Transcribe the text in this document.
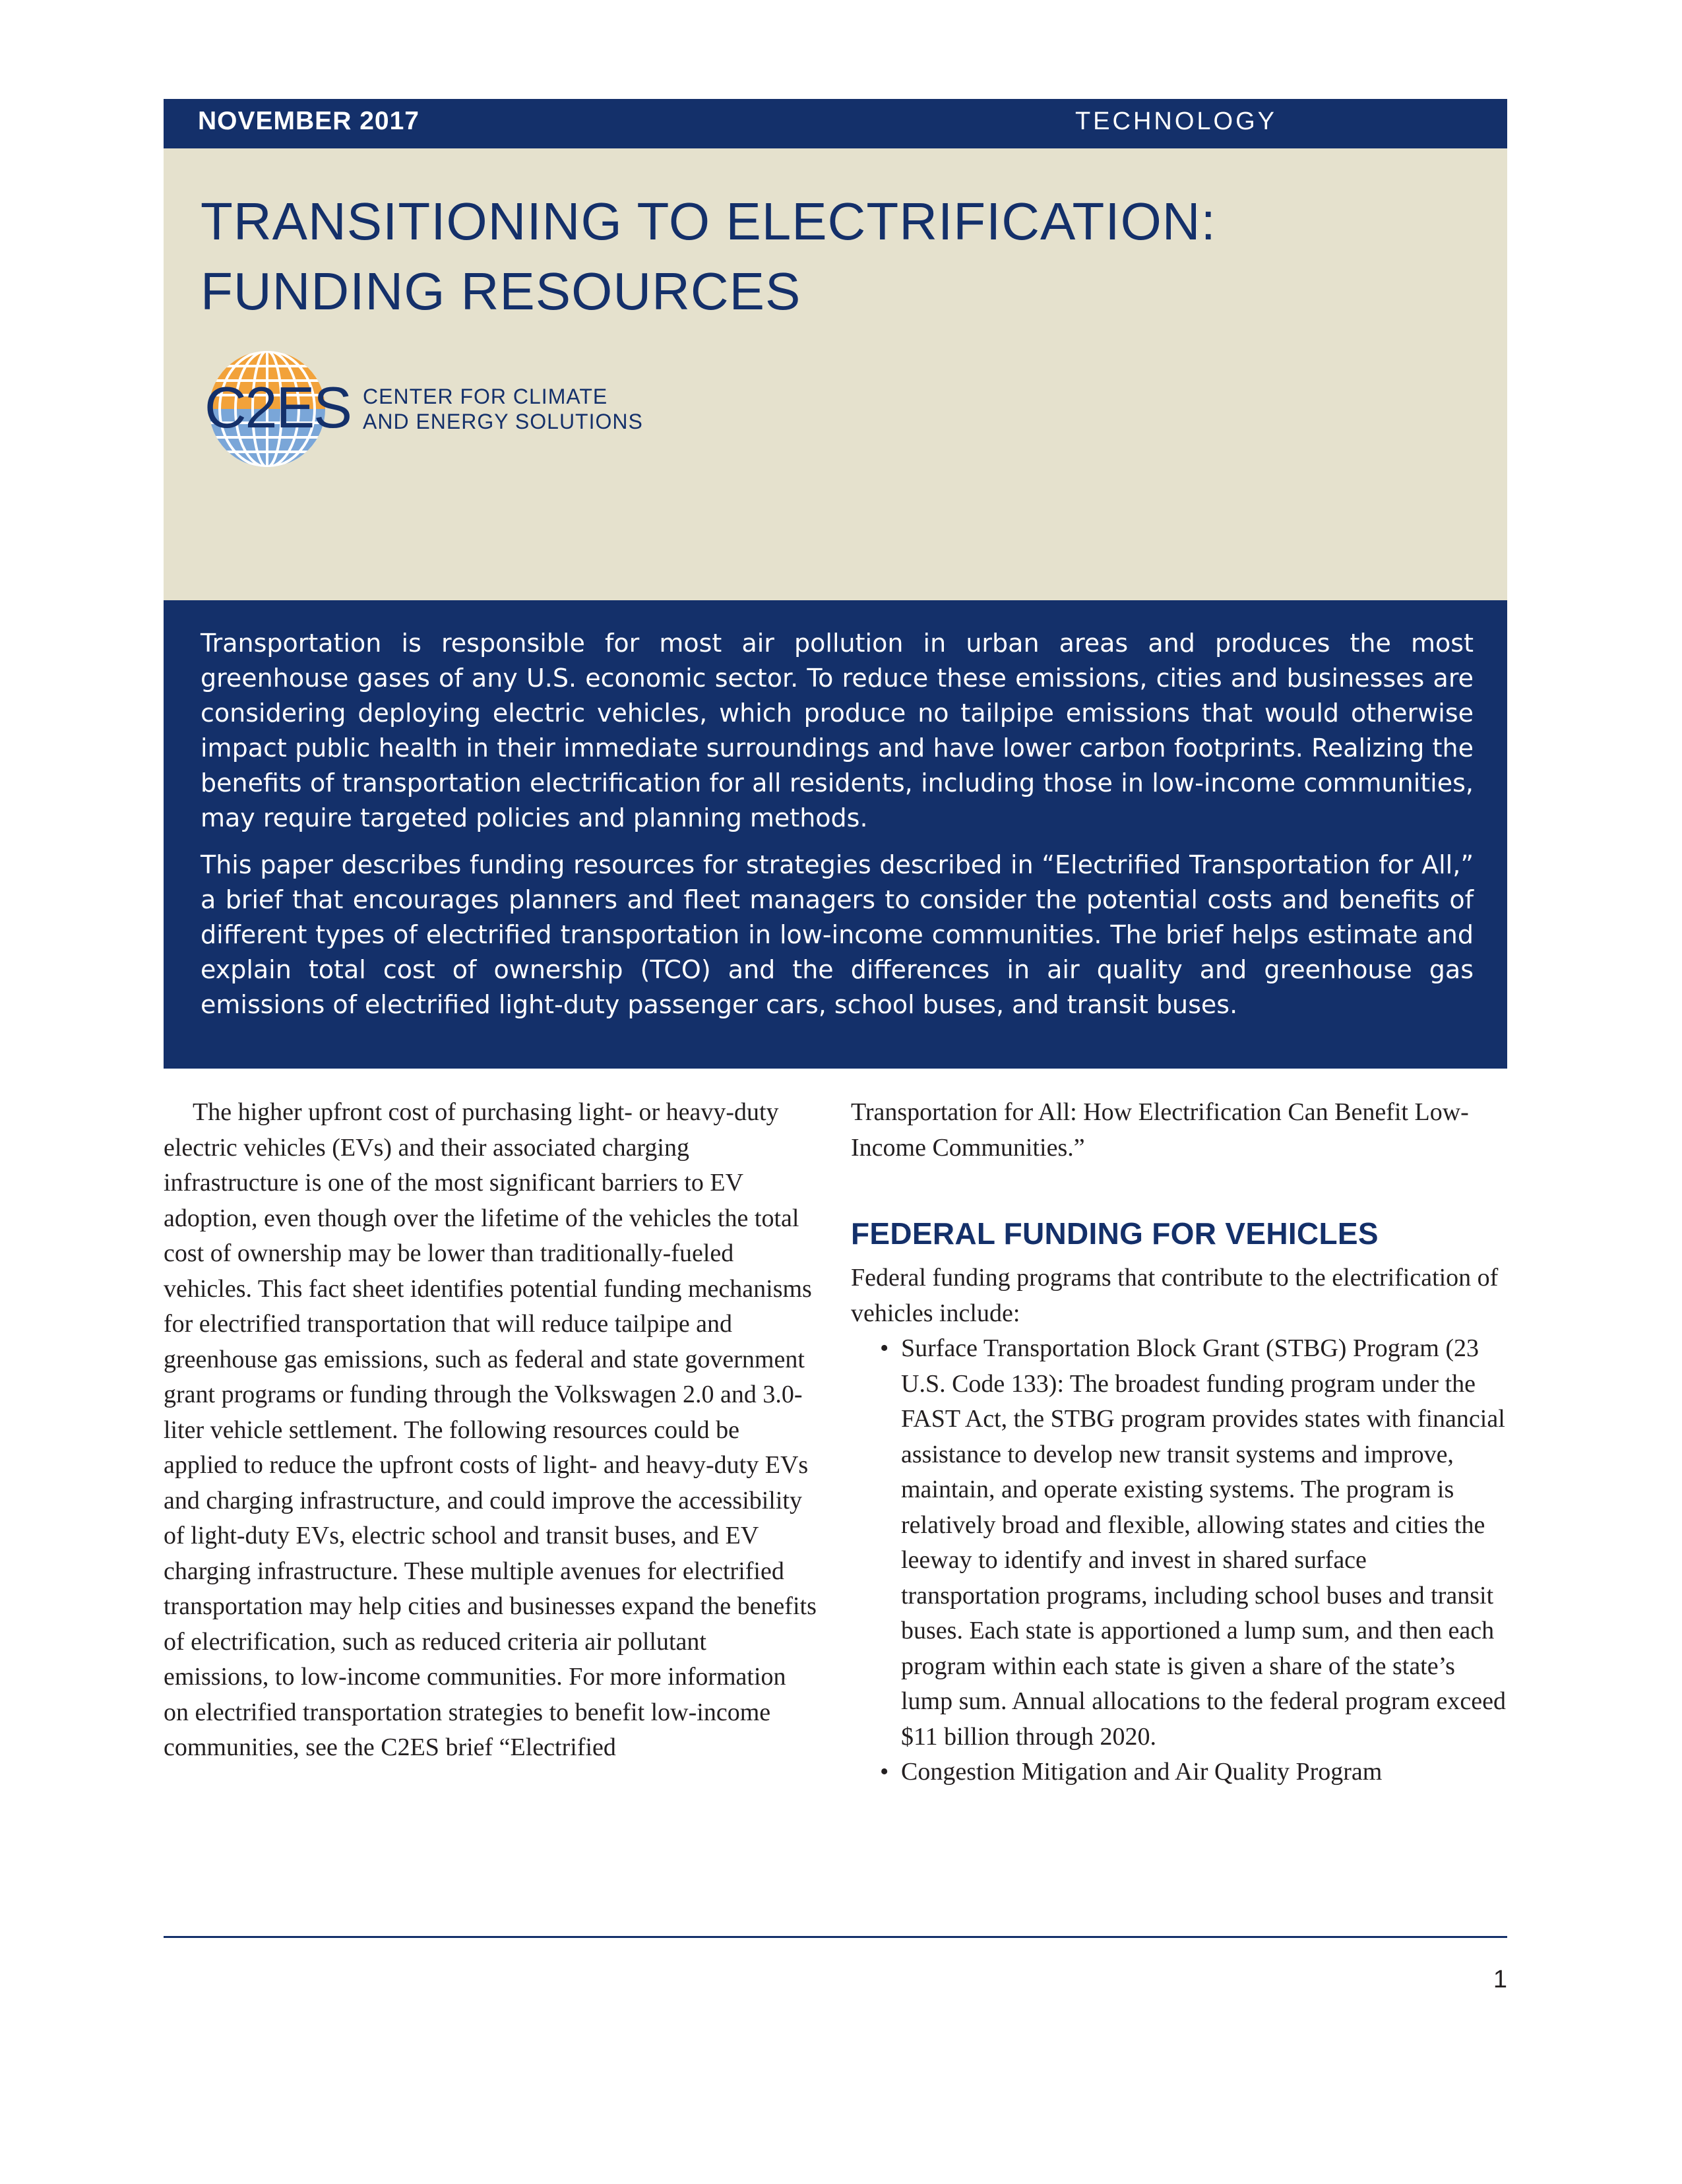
NOVEMBER 2017	TECHNOLOGY
TRANSITIONING TO ELECTRIFICATION:
FUNDING RESOURCES
C2ES CENTER FOR CLIMATE
AND ENERGY SOLUTIONS

Transportation is responsible for most air pollution in urban areas and produces the most greenhouse gases of any U.S. economic sector. To reduce these emissions, cities and businesses are considering deploying electric vehicles, which produce no tailpipe emissions that would otherwise impact public health in their immediate surroundings and have lower carbon footprints. Realizing the benefits of transportation electrification for all residents, including those in low-income communities, may require targeted policies and planning methods.

This paper describes funding resources for strategies described in “Electrified Transportation for All,” a brief that encourages planners and fleet managers to consider the potential costs and benefits of different types of electrified transportation in low-income communities. The brief helps estimate and explain total cost of ownership (TCO) and the differences in air quality and greenhouse gas emissions of electrified light-duty passenger cars, school buses, and transit buses.

The higher upfront cost of purchasing light- or heavy-duty electric vehicles (EVs) and their associated charging infrastructure is one of the most significant barriers to EV adoption, even though over the lifetime of the vehicles the total cost of ownership may be lower than traditionally-fueled vehicles. This fact sheet identifies potential funding mechanisms for electrified transportation that will reduce tailpipe and greenhouse gas emissions, such as federal and state government grant programs or funding through the Volkswagen 2.0 and 3.0-liter vehicle settlement. The following resources could be applied to reduce the upfront costs of light- and heavy-duty EVs and charging infrastructure, and could improve the accessibility of light-duty EVs, electric school and transit buses, and EV charging infrastructure. These multiple avenues for electrified transportation may help cities and businesses expand the benefits of electrification, such as reduced criteria air pollutant emissions, to low-income communities. For more information on electrified transportation strategies to benefit low-income communities, see the C2ES brief “Electrified

Transportation for All: How Electrification Can Benefit Low-Income Communities.”

FEDERAL FUNDING FOR VEHICLES

Federal funding programs that contribute to the electrification of vehicles include:

• Surface Transportation Block Grant (STBG) Program (23 U.S. Code 133): The broadest funding program under the FAST Act, the STBG program provides states with financial assistance to develop new transit systems and improve, maintain, and operate existing systems. The program is relatively broad and flexible, allowing states and cities the leeway to identify and invest in shared surface transportation programs, including school buses and transit buses. Each state is apportioned a lump sum, and then each program within each state is given a share of the state’s lump sum. Annual allocations to the federal program exceed $11 billion through 2020.
• Congestion Mitigation and Air Quality Program
1
